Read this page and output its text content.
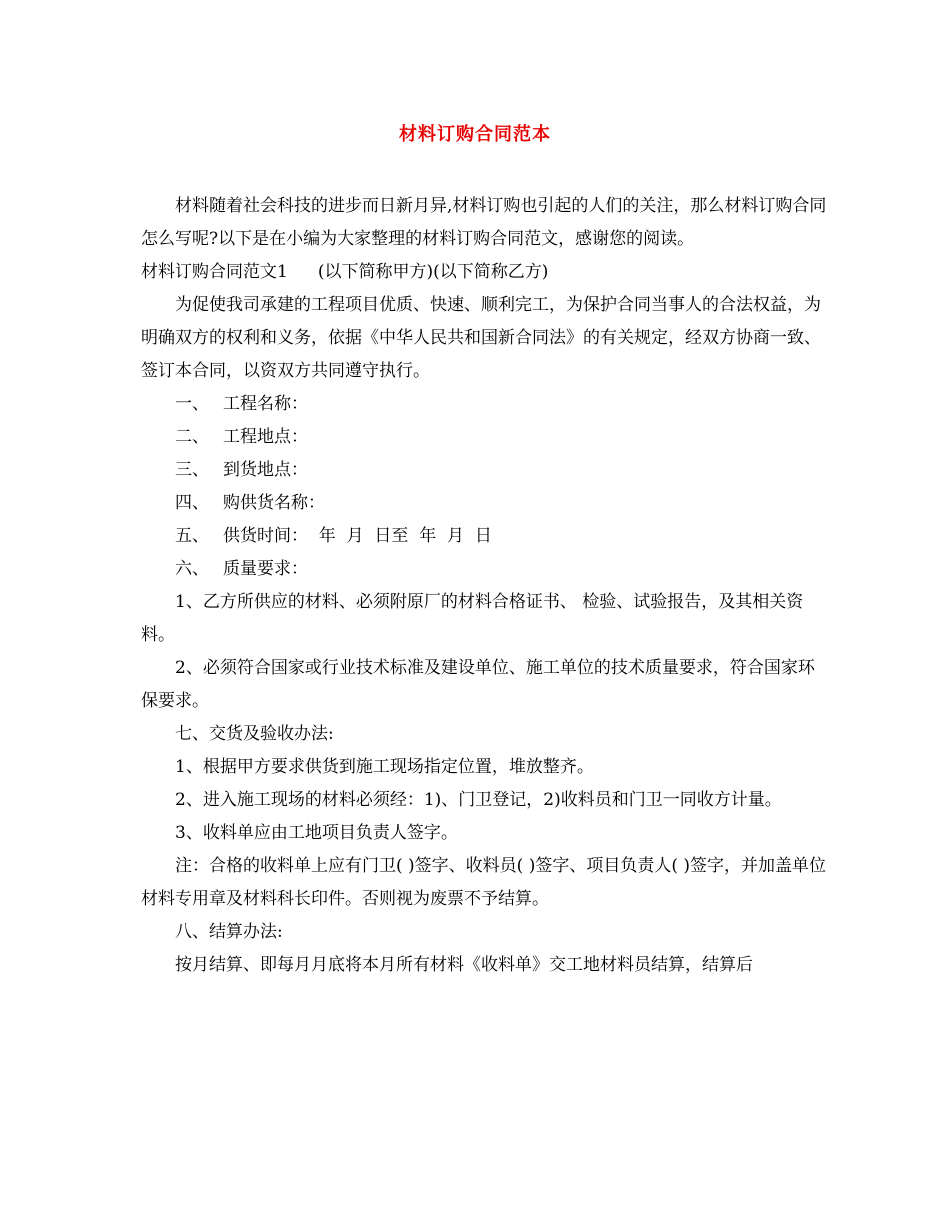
材料订购合同范本

材料随着社会科技的进步而日新月异,材料订购也引起的人们的关注，那么材料订购合同怎么写呢?以下是在小编为大家整理的材料订购合同范文，感谢您的阅读。

材料订购合同范文1 (以下简称甲方)(以下简称乙方)

为促使我司承建的工程项目优质、快速、顺利完工，为保护合同当事人的合法权益，为明确双方的权利和义务，依据《中华人民共和国新合同法》的有关规定，经双方协商一致、签订本合同，以资双方共同遵守执行。

一、 工程名称：

二、 工程地点：

三、 到货地点：

四、 购供货名称：

五、 供货时间：  年  月  日至  年  月  日

六、 质量要求：

1、乙方所供应的材料、必须附原厂的材料合格证书、 检验、试验报告，及其相关资料。

2、必须符合国家或行业技术标准及建设单位、施工单位的技术质量要求，符合国家环保要求。

七、交货及验收办法:

1、根据甲方要求供货到施工现场指定位置，堆放整齐。

2、进入施工现场的材料必须经：1)、门卫登记，2)收料员和门卫一同收方计量。

3、收料单应由工地项目负责人签字。

注：合格的收料单上应有门卫( )签字、收料员( )签字、项目负责人( )签字，并加盖单位材料专用章及材料科长印件。否则视为废票不予结算。

八、结算办法:

按月结算、即每月月底将本月所有材料《收料单》交工地材料员结算，结算后
